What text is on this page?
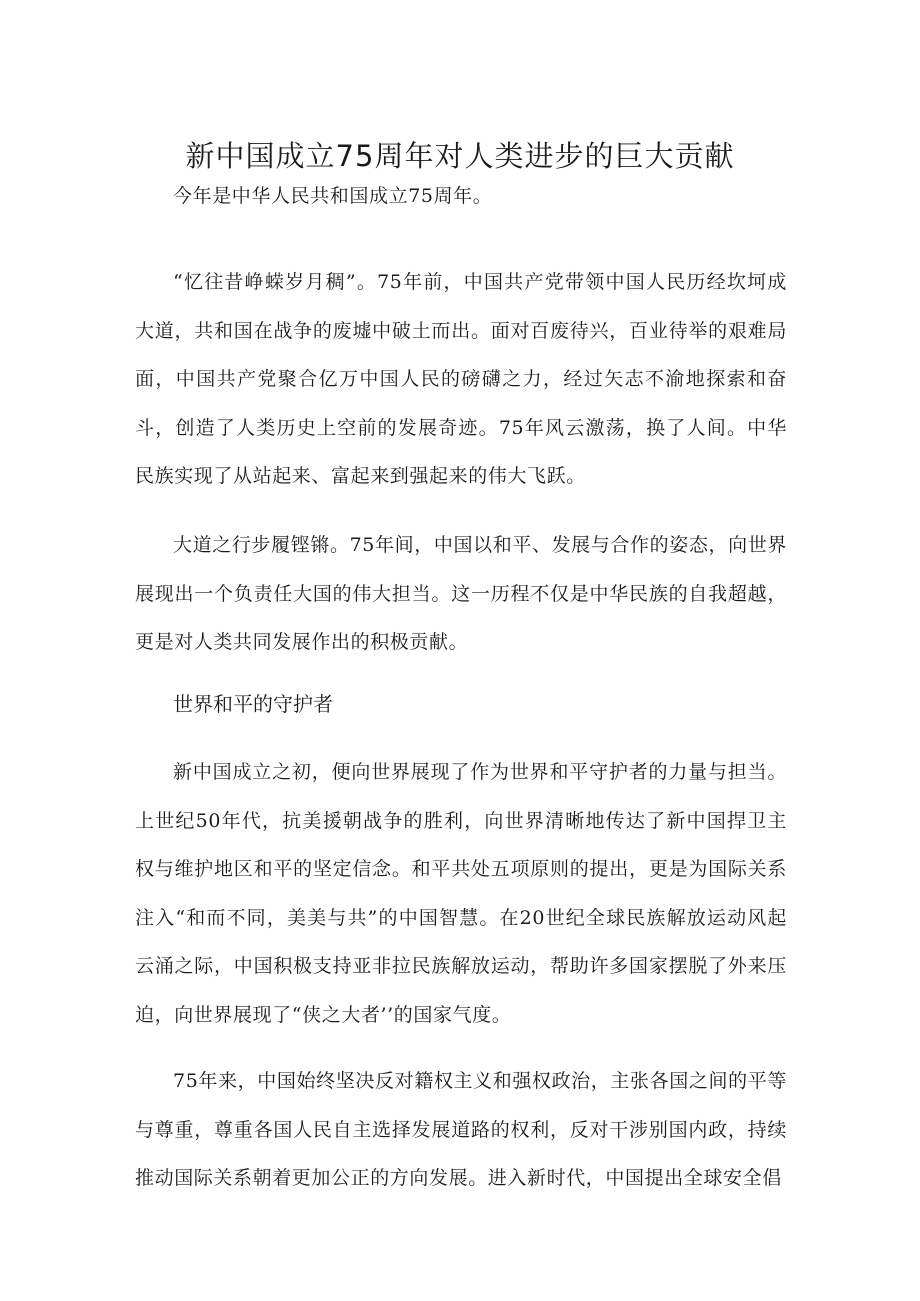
新中国成立75周年对人类进步的巨大贡献

今年是中华人民共和国成立75周年。

“忆往昔峥蝾岁月稠”。75年前，中国共产党带领中国人民历经坎坷成大道，共和国在战争的废墟中破土而出。面对百废待兴，百业待举的艰难局面，中国共产党聚合亿万中国人民的磅礴之力，经过矢志不渝地探索和奋斗，创造了人类历史上空前的发展奇迹。75年风云激荡，换了人间。中华民族实现了从站起来、富起来到强起来的伟大飞跃。

大道之行步履铿锵。75年间，中国以和平、发展与合作的姿态，向世界展现出一个负责任大国的伟大担当。这一历程不仅是中华民族的自我超越，更是对人类共同发展作出的积极贡献。

世界和平的守护者

新中国成立之初，便向世界展现了作为世界和平守护者的力量与担当。上世纪50年代，抗美援朝战争的胜利，向世界清晰地传达了新中国捍卫主权与维护地区和平的坚定信念。和平共处五项原则的提出，更是为国际关系注入“和而不同，美美与共”的中国智慧。在20世纪全球民族解放运动风起云涌之际，中国积极支持亚非拉民族解放运动，帮助许多国家摆脱了外来压迫，向世界展现了“侠之大者’’的国家气度。

75年来，中国始终坚决反对籍权主义和强权政治，主张各国之间的平等与尊重，尊重各国人民自主选择发展道路的权利，反对干涉别国内政，持续推动国际关系朝着更加公正的方向发展。进入新时代，中国提出全球安全倡
